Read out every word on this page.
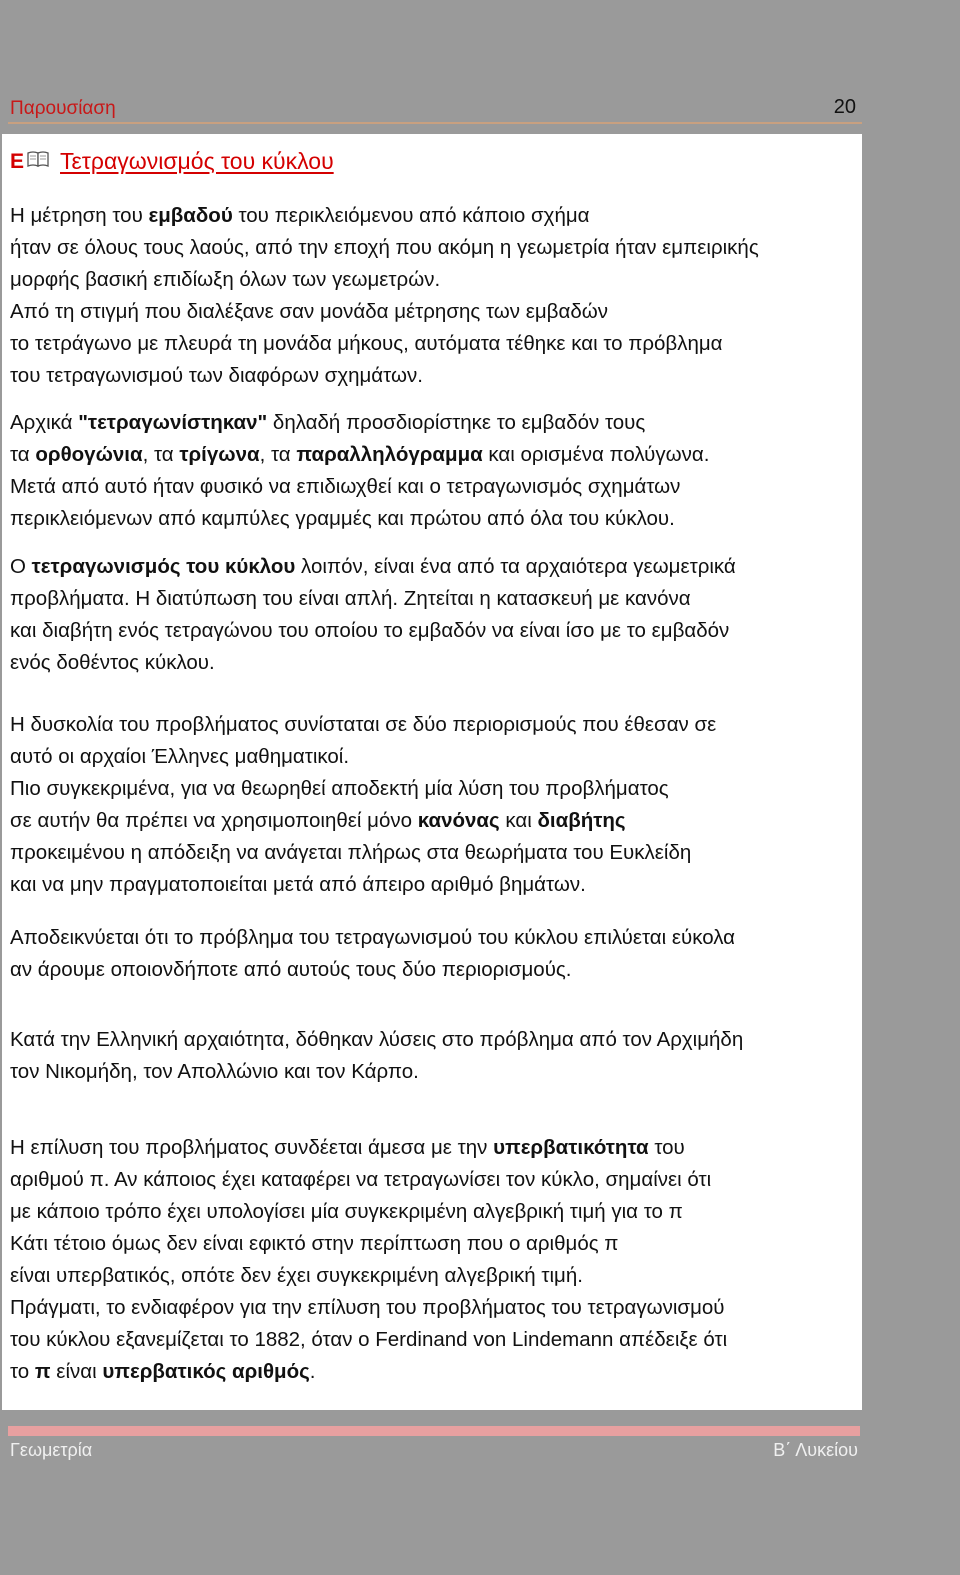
Παρουσίαση	20
E Τετραγωνισμός του κύκλου
Η μέτρηση του εμβαδού του περικλειόμενου από κάποιο σχήμα
ήταν σε όλους τους λαούς, από την εποχή που ακόμη η γεωμετρία ήταν εμπειρικής
μορφής βασική επιδίωξη όλων των γεωμετρών.
Από τη στιγμή που διαλέξανε σαν μονάδα μέτρησης των εμβαδών
το τετράγωνο με πλευρά τη μονάδα μήκους, αυτόματα τέθηκε και το πρόβλημα
του τετραγωνισμού των διαφόρων σχημάτων.
Αρχικά "τετραγωνίστηκαν" δηλαδή προσδιορίστηκε το εμβαδόν τους
τα ορθογώνια, τα τρίγωνα, τα παραλληλόγραμμα και ορισμένα πολύγωνα.
Μετά από αυτό ήταν φυσικό να επιδιωχθεί και ο τετραγωνισμός σχημάτων
περικλειόμενων από καμπύλες γραμμές και πρώτου από όλα του κύκλου.
Ο τετραγωνισμός του κύκλου λοιπόν, είναι ένα από τα αρχαιότερα γεωμετρικά
προβλήματα. Η διατύπωση του είναι απλή. Ζητείται η κατασκευή με κανόνα
και διαβήτη ενός τετραγώνου του οποίου το εμβαδόν να είναι ίσο με το εμβαδόν
ενός δοθέντος κύκλου.
Η δυσκολία του προβλήματος συνίσταται σε δύο περιορισμούς που έθεσαν σε
αυτό οι αρχαίοι Έλληνες μαθηματικοί.
Πιο συγκεκριμένα, για να θεωρηθεί αποδεκτή μία λύση του προβλήματος
σε αυτήν θα πρέπει να χρησιμοποιηθεί μόνο κανόνας και διαβήτης
προκειμένου η απόδειξη να ανάγεται πλήρως στα θεωρήματα του Ευκλείδη
και να μην πραγματοποιείται μετά από άπειρο αριθμό βημάτων.
Αποδεικνύεται ότι το πρόβλημα του τετραγωνισμού του κύκλου επιλύεται εύκολα
αν άρουμε οποιονδήποτε από αυτούς τους δύο περιορισμούς.
Κατά την Ελληνική αρχαιότητα, δόθηκαν λύσεις στο πρόβλημα από τον Αρχιμήδη
τον Νικομήδη, τον Απολλώνιο και τον Κάρπο.
Η επίλυση του προβλήματος συνδέεται άμεσα με την υπερβατικότητα του
αριθμού π. Αν κάποιος έχει καταφέρει να τετραγωνίσει τον κύκλο, σημαίνει ότι
με κάποιο τρόπο έχει υπολογίσει μία συγκεκριμένη αλγεβρική τιμή για το π
Κάτι τέτοιο όμως δεν είναι εφικτό στην περίπτωση που ο αριθμός π
είναι υπερβατικός, οπότε δεν έχει συγκεκριμένη αλγεβρική τιμή.
Πράγματι, το ενδιαφέρον για την επίλυση του προβλήματος του τετραγωνισμού
του κύκλου εξανεμίζεται το 1882, όταν ο Ferdinand von Lindemann απέδειξε ότι
το π είναι υπερβατικός αριθμός.
Γεωμετρία	Β΄ Λυκείου
